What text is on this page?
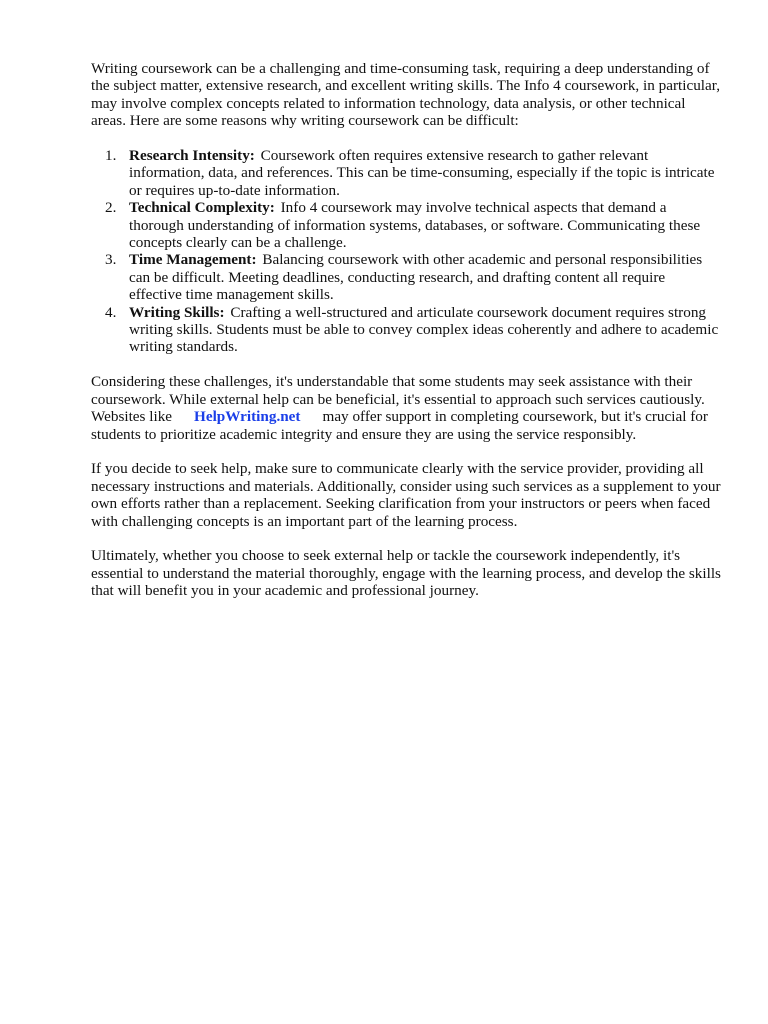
Writing coursework can be a challenging and time-consuming task, requiring a deep understanding of the subject matter, extensive research, and excellent writing skills. The Info 4 coursework, in particular, may involve complex concepts related to information technology, data analysis, or other technical areas. Here are some reasons why writing coursework can be difficult:

1. Research Intensity: Coursework often requires extensive research to gather relevant information, data, and references. This can be time-consuming, especially if the topic is intricate or requires up-to-date information.
2. Technical Complexity: Info 4 coursework may involve technical aspects that demand a thorough understanding of information systems, databases, or software. Communicating these concepts clearly can be a challenge.
3. Time Management: Balancing coursework with other academic and personal responsibilities can be difficult. Meeting deadlines, conducting research, and drafting content all require effective time management skills.
4. Writing Skills: Crafting a well-structured and articulate coursework document requires strong writing skills. Students must be able to convey complex ideas coherently and adhere to academic writing standards.

Considering these challenges, it's understandable that some students may seek assistance with their coursework. While external help can be beneficial, it's essential to approach such services cautiously. Websites like HelpWriting.net may offer support in completing coursework, but it's crucial for students to prioritize academic integrity and ensure they are using the service responsibly.

If you decide to seek help, make sure to communicate clearly with the service provider, providing all necessary instructions and materials. Additionally, consider using such services as a supplement to your own efforts rather than a replacement. Seeking clarification from your instructors or peers when faced with challenging concepts is an important part of the learning process.

Ultimately, whether you choose to seek external help or tackle the coursework independently, it's essential to understand the material thoroughly, engage with the learning process, and develop the skills that will benefit you in your academic and professional journey.
